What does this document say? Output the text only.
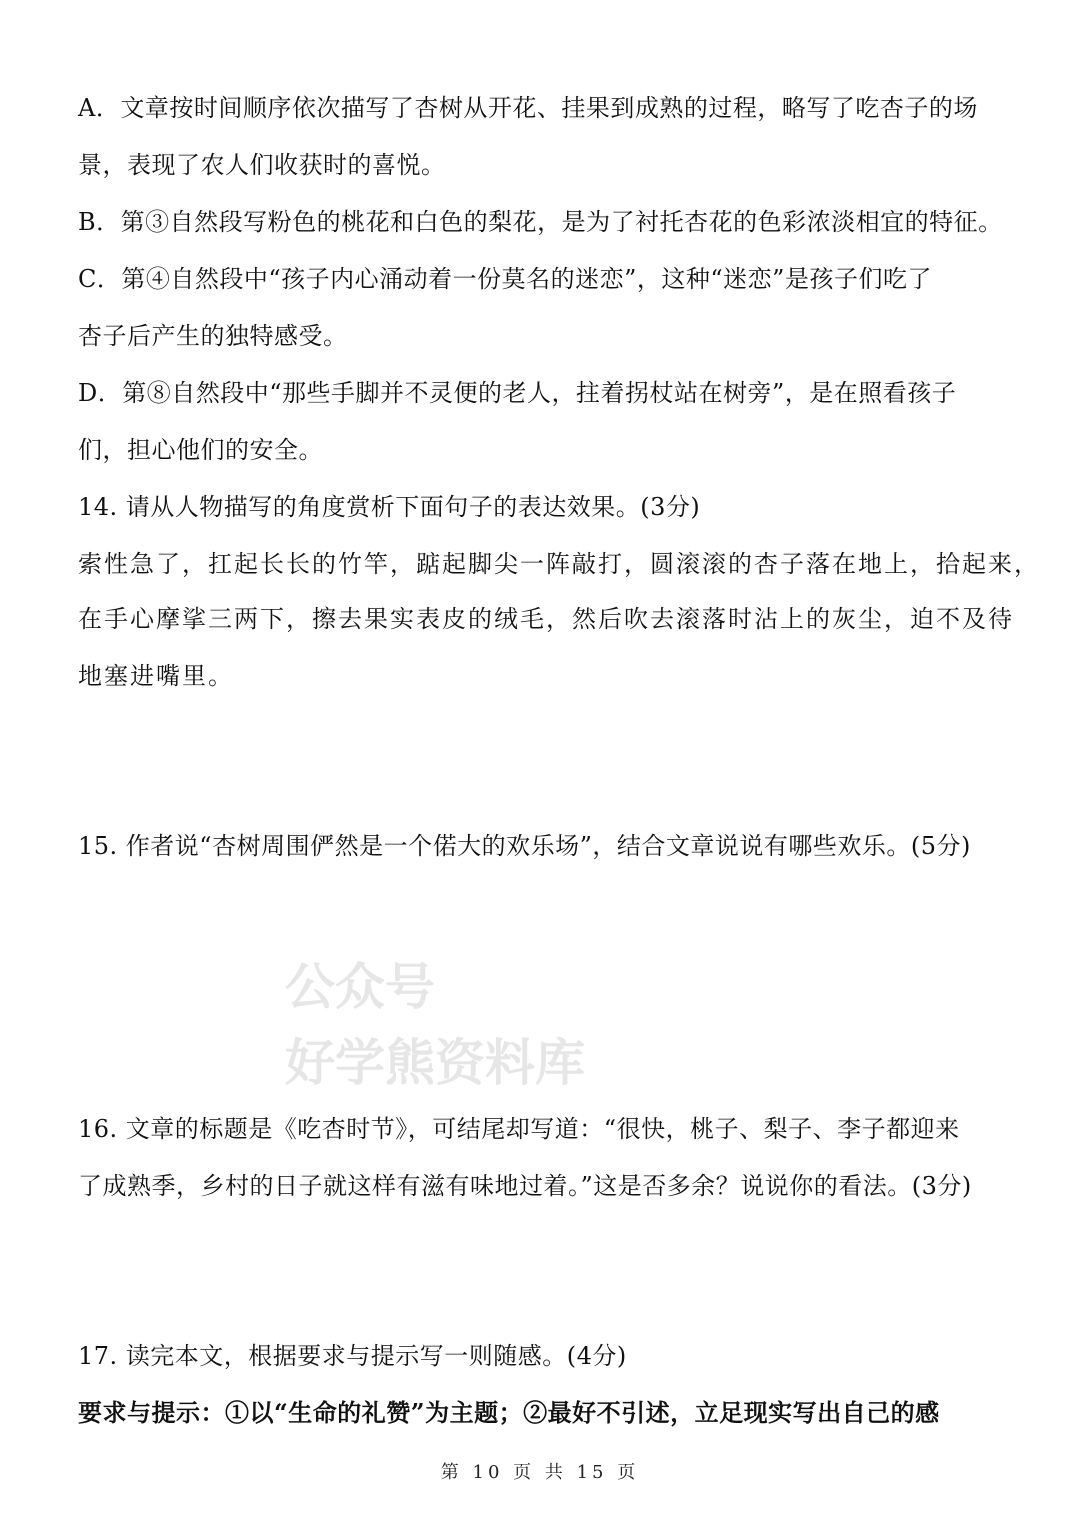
A．文章按时间顺序依次描写了杏树从开花、挂果到成熟的过程，略写了吃杏子的场
景，表现了农人们收获时的喜悦。
B．第③自然段写粉色的桃花和白色的梨花，是为了衬托杏花的色彩浓淡相宜的特征。
C．第④自然段中“孩子内心涌动着一份莫名的迷恋”，这种“迷恋”是孩子们吃了
杏子后产生的独特感受。
D．第⑧自然段中“那些手脚并不灵便的老人，拄着拐杖站在树旁”，是在照看孩子
们，担心他们的安全。
14. 请从人物描写的角度赏析下面句子的表达效果。(3分)
索性急了，扛起长长的竹竿，踮起脚尖一阵敲打，圆滚滚的杏子落在地上，拾起来，
在手心摩挲三两下，擦去果实表皮的绒毛，然后吹去滚落时沾上的灰尘，迫不及待
地塞进嘴里。
15. 作者说“杏树周围俨然是一个偌大的欢乐场”，结合文章说说有哪些欢乐。(5分)
公众号
好学熊资料库
16. 文章的标题是《吃杏时节》，可结尾却写道：“很快，桃子、梨子、李子都迎来
了成熟季，乡村的日子就这样有滋有味地过着。”这是否多余？说说你的看法。(3分)
17. 读完本文，根据要求与提示写一则随感。(4分)
要求与提示：①以“生命的礼赞”为主题；②最好不引述，立足现实写出自己的感
第 10 页 共 15 页
